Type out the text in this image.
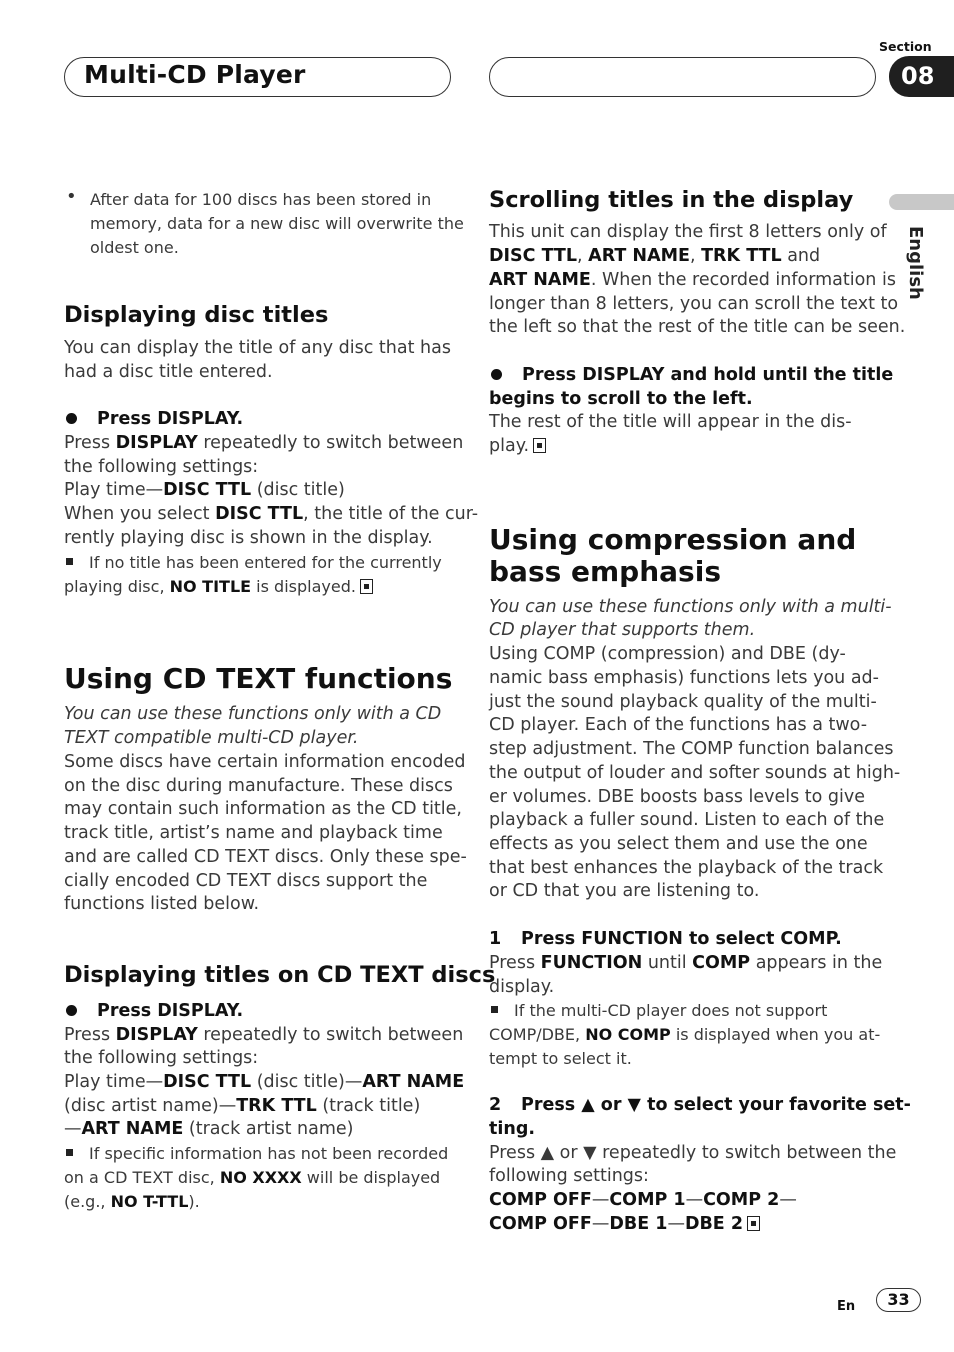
Multi-CD Player
Section
08
English
• After data for 100 discs has been stored in
memory, data for a new disc will overwrite the
oldest one.
Displaying disc titles
You can display the title of any disc that has
had a disc title entered.
Press DISPLAY.
Press DISPLAY repeatedly to switch between
the following settings:
Play time—DISC TTL (disc title)
When you select DISC TTL, the title of the cur-
rently playing disc is shown in the display.
If no title has been entered for the currently
playing disc, NO TITLE is displayed.
Using CD TEXT functions
You can use these functions only with a CD
TEXT compatible multi-CD player.
Some discs have certain information encoded
on the disc during manufacture. These discs
may contain such information as the CD title,
track title, artist’s name and playback time
and are called CD TEXT discs. Only these spe-
cially encoded CD TEXT discs support the
functions listed below.
Displaying titles on CD TEXT discs
Press DISPLAY.
Press DISPLAY repeatedly to switch between
the following settings:
Play time—DISC TTL (disc title)—ART NAME
(disc artist name)—TRK TTL (track title)
—ART NAME (track artist name)
If specific information has not been recorded
on a CD TEXT disc, NO XXXX will be displayed
(e.g., NO T-TTL).
Scrolling titles in the display
This unit can display the first 8 letters only of
DISC TTL, ART NAME, TRK TTL and
ART NAME. When the recorded information is
longer than 8 letters, you can scroll the text to
the left so that the rest of the title can be seen.
Press DISPLAY and hold until the title
begins to scroll to the left.
The rest of the title will appear in the dis-
play.
Using compression and
bass emphasis
You can use these functions only with a multi-
CD player that supports them.
Using COMP (compression) and DBE (dy-
namic bass emphasis) functions lets you ad-
just the sound playback quality of the multi-
CD player. Each of the functions has a two-
step adjustment. The COMP function balances
the output of louder and softer sounds at high-
er volumes. DBE boosts bass levels to give
playback a fuller sound. Listen to each of the
effects as you select them and use the one
that best enhances the playback of the track
or CD that you are listening to.
1 Press FUNCTION to select COMP.
Press FUNCTION until COMP appears in the
display.
If the multi-CD player does not support
COMP/DBE, NO COMP is displayed when you at-
tempt to select it.
2 Press ▲ or ▼ to select your favorite set-
ting.
Press ▲ or ▼ repeatedly to switch between the
following settings:
COMP OFF—COMP 1—COMP 2—
COMP OFF—DBE 1—DBE 2
En	33
